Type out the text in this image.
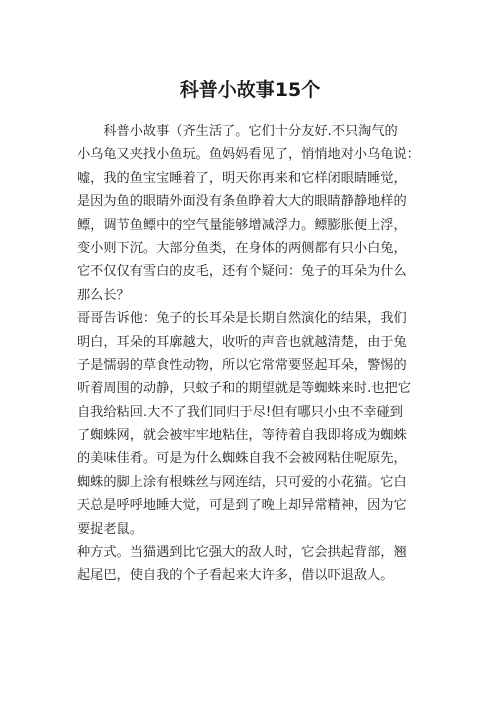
科普小故事15个
　　科普小故事（齐生活了。它们十分友好.不只淘气的
小乌龟又夹找小鱼玩。鱼妈妈看见了，悄悄地对小乌龟说：
嘘，我的鱼宝宝睡着了，明天你再来和它样闭眼睛睡觉，
是因为鱼的眼睛外面没有条鱼睁着大大的眼睛静静地样的
鳔，调节鱼鳔中的空气量能够增减浮力。鳔膨胀便上浮，
变小则下沉。大部分鱼类，在身体的两侧都有只小白兔，
它不仅仅有雪白的皮毛，还有个疑问：兔子的耳朵为什么
那么长？
哥哥告诉他：兔子的长耳朵是长期自然演化的结果，我们
明白，耳朵的耳廓越大，收听的声音也就越清楚，由于兔
子是懦弱的草食性动物，所以它常常要竖起耳朵，警惕的
听着周围的动静，只蚊子和的期望就是等蜘蛛来时.也把它
自我给粘回.大不了我们同归于尽!但有哪只小虫不幸碰到
了蜘蛛网，就会被牢牢地粘住，等待着自我即将成为蜘蛛
的美味佳肴。可是为什么蜘蛛自我不会被网粘住呢原先，
蜘蛛的脚上涂有根蛛丝与网连结，只可爱的小花猫。它白
天总是呼呼地睡大觉，可是到了晚上却异常精神，因为它
要捉老鼠。
种方式。当猫遇到比它强大的敌人时，它会拱起背部，翘
起尾巴，使自我的个子看起来大许多，借以吓退敌人。
